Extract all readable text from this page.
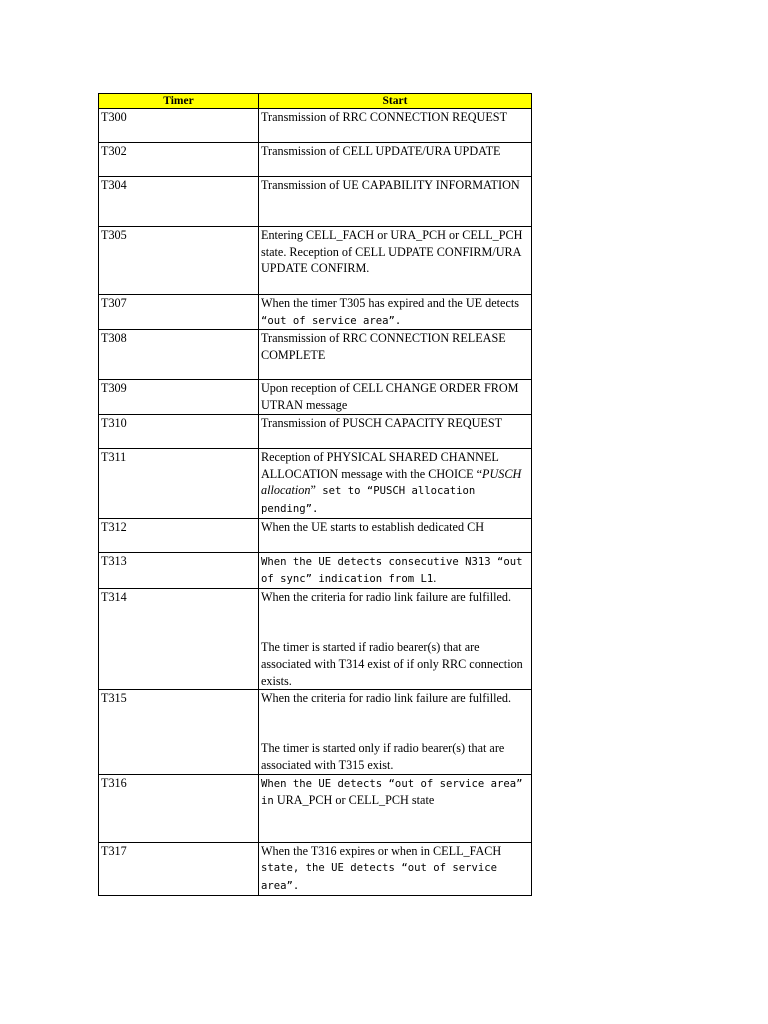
Timer	Start
T300	Transmission of RRC CONNECTION REQUEST
T302	Transmission of CELL UPDATE/URA UPDATE
T304	Transmission of UE CAPABILITY INFORMATION
T305	Entering CELL_FACH or URA_PCH or CELL_PCH state. Reception of CELL UDPATE CONFIRM/URA UPDATE CONFIRM.
T307	When the timer T305 has expired and the UE detects “out of service area”.
T308	Transmission of RRC CONNECTION RELEASE COMPLETE
T309	Upon reception of CELL CHANGE ORDER FROM UTRAN message
T310	Transmission of PUSCH CAPACITY REQUEST
T311	Reception of PHYSICAL SHARED CHANNEL ALLOCATION message with the CHOICE “PUSCH allocation” set to “PUSCH allocation pending”.
T312	When the UE starts to establish dedicated CH
T313	When the UE detects consecutive N313 “out of sync” indication from L1.
T314	When the criteria for radio link failure are fulfilled.
The timer is started if radio bearer(s) that are associated with T314 exist of if only RRC connection exists.
T315	When the criteria for radio link failure are fulfilled.
The timer is started only if radio bearer(s) that are associated with T315 exist.
T316	When the UE detects “out of service area” in URA_PCH or CELL_PCH state
T317	When the T316 expires or when in CELL_FACH state, the UE detects “out of service area”.
